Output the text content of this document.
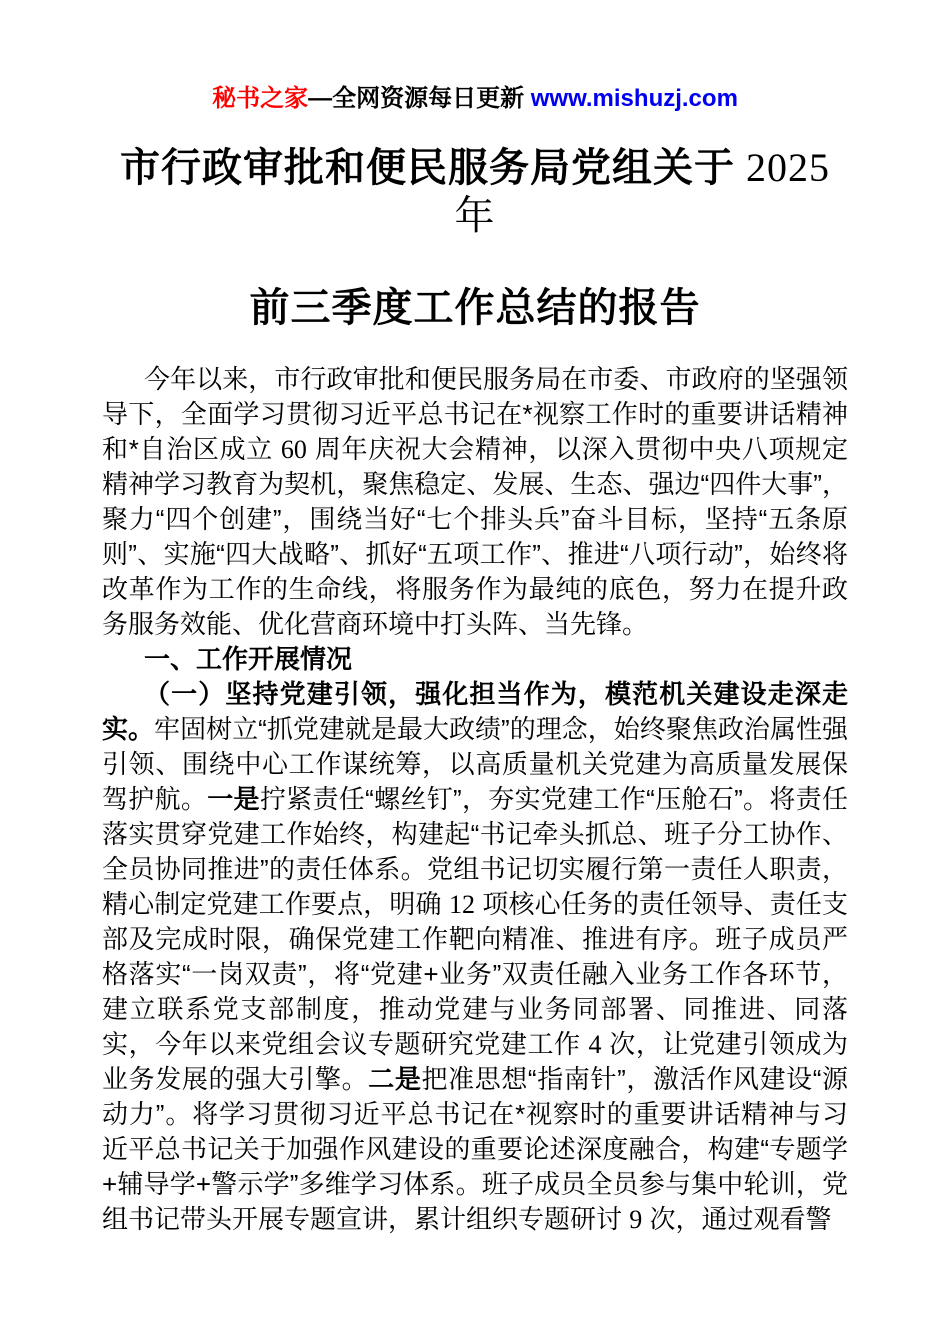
秘书之家—全网资源每日更新 www.mishuzj.com
市行政审批和便民服务局党组关于 2025 年
前三季度工作总结的报告

今年以来，市行政审批和便民服务局在市委、市政府的坚强领导下，全面学习贯彻习近平总书记在*视察工作时的重要讲话精神和*自治区成立 60 周年庆祝大会精神，以深入贯彻中央八项规定精神学习教育为契机，聚焦稳定、发展、生态、强边“四件大事”，聚力“四个创建”，围绕当好“七个排头兵”奋斗目标，坚持“五条原则”、实施“四大战略”、抓好“五项工作”、推进“八项行动”，始终将改革作为工作的生命线，将服务作为最纯的底色，努力在提升政务服务效能、优化营商环境中打头阵、当先锋。

一、工作开展情况

（一）坚持党建引领，强化担当作为，模范机关建设走深走实。牢固树立“抓党建就是最大政绩”的理念，始终聚焦政治属性强引领、围绕中心工作谋统筹，以高质量机关党建为高质量发展保驾护航。一是拧紧责任“螺丝钉”，夯实党建工作“压舱石”。将责任落实贯穿党建工作始终，构建起“书记牵头抓总、班子分工协作、全员协同推进”的责任体系。党组书记切实履行第一责任人职责，精心制定党建工作要点，明确 12 项核心任务的责任领导、责任支部及完成时限，确保党建工作靶向精准、推进有序。班子成员严格落实“一岗双责”，将“党建+业务”双责任融入业务工作各环节，建立联系党支部制度，推动党建与业务同部署、同推进、同落实，今年以来党组会议专题研究党建工作 4 次，让党建引领成为业务发展的强大引擎。二是把准思想“指南针”，激活作风建设“源动力”。将学习贯彻习近平总书记在*视察时的重要讲话精神与习近平总书记关于加强作风建设的重要论述深度融合，构建“专题学+辅导学+警示学”多维学习体系。班子成员全员参与集中轮训，党组书记带头开展专题宣讲，累计组织专题研讨 9 次，通过观看警
